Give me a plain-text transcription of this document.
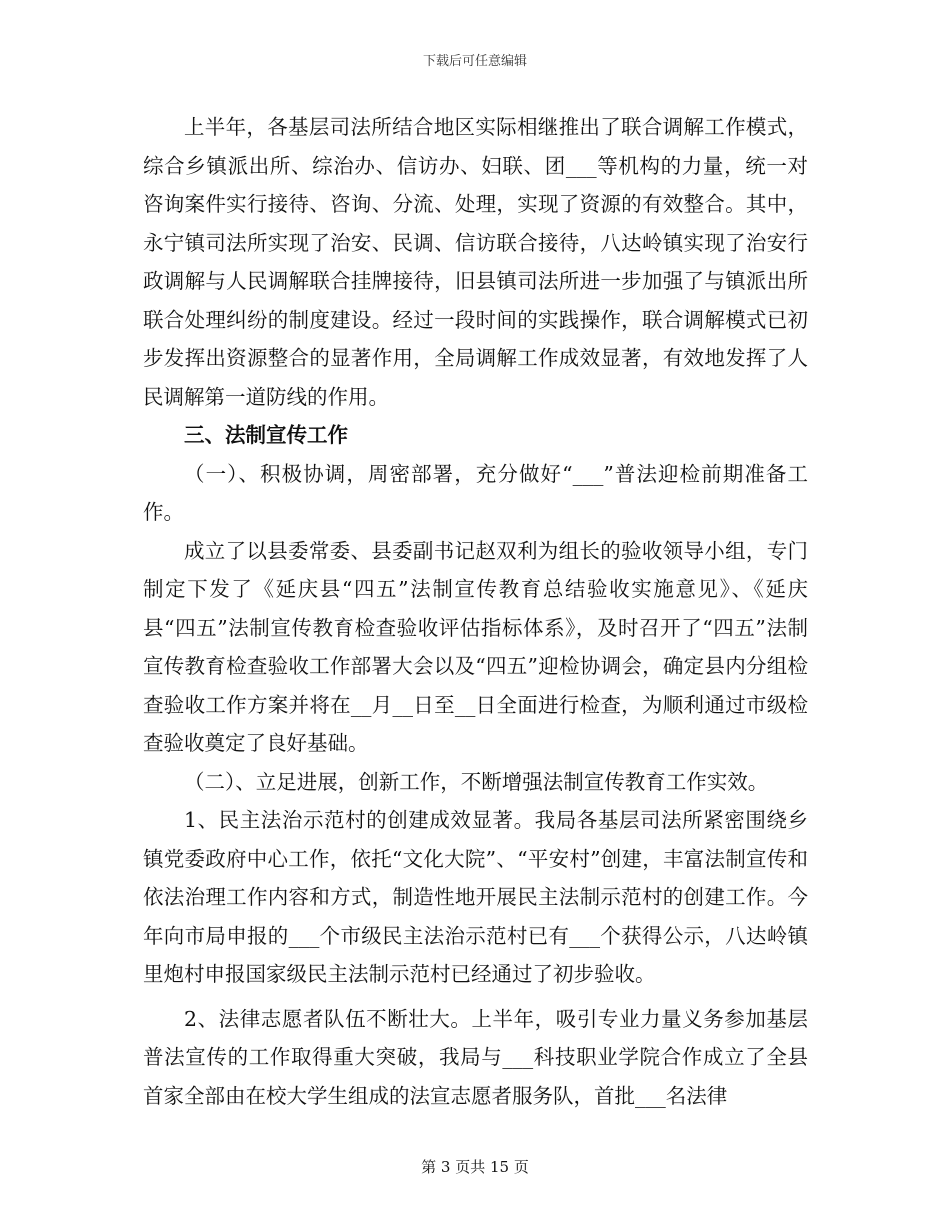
下载后可任意编辑

上半年，各基层司法所结合地区实际相继推出了联合调解工作模式，综合乡镇派出所、综治办、信访办、妇联、团___等机构的力量，统一对咨询案件实行接待、咨询、分流、处理，实现了资源的有效整合。其中，永宁镇司法所实现了治安、民调、信访联合接待，八达岭镇实现了治安行政调解与人民调解联合挂牌接待，旧县镇司法所进一步加强了与镇派出所联合处理纠纷的制度建设。经过一段时间的实践操作，联合调解模式已初步发挥出资源整合的显著作用，全局调解工作成效显著，有效地发挥了人民调解第一道防线的作用。

三、法制宣传工作

（一）、积极协调，周密部署，充分做好“___”普法迎检前期准备工作。

成立了以县委常委、县委副书记赵双利为组长的验收领导小组，专门制定下发了《延庆县“四五”法制宣传教育总结验收实施意见》、《延庆县“四五”法制宣传教育检查验收评估指标体系》，及时召开了“四五”法制宣传教育检查验收工作部署大会以及“四五”迎检协调会，确定县内分组检查验收工作方案并将在__月__日至__日全面进行检查，为顺利通过市级检查验收奠定了良好基础。

（二）、立足进展，创新工作，不断增强法制宣传教育工作实效。

1、民主法治示范村的创建成效显著。我局各基层司法所紧密围绕乡镇党委政府中心工作，依托“文化大院”、“平安村”创建，丰富法制宣传和依法治理工作内容和方式，制造性地开展民主法制示范村的创建工作。今年向市局申报的___个市级民主法治示范村已有___个获得公示，八达岭镇里炮村申报国家级民主法制示范村已经通过了初步验收。

2、法律志愿者队伍不断壮大。上半年，吸引专业力量义务参加基层普法宣传的工作取得重大突破，我局与___科技职业学院合作成立了全县首家全部由在校大学生组成的法宣志愿者服务队，首批___名法律

第 3 页共 15 页
